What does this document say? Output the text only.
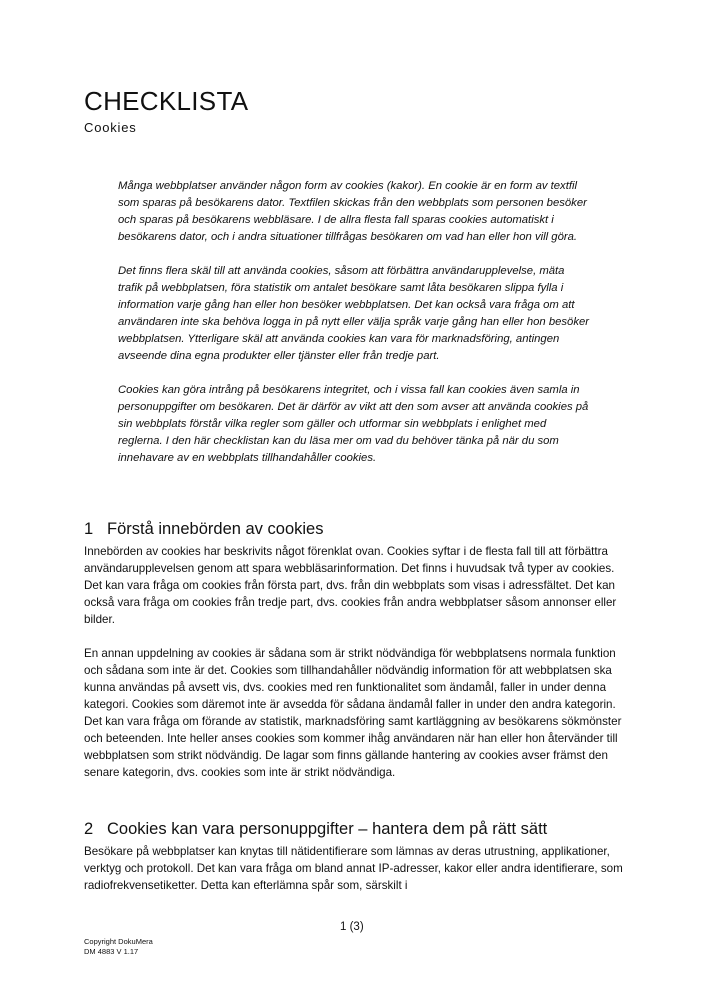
CHECKLISTA
Cookies

Många webbplatser använder någon form av cookies (kakor). En cookie är en form av textfil som sparas på besökarens dator. Textfilen skickas från den webbplats som personen besöker och sparas på besökarens webbläsare. I de allra flesta fall sparas cookies automatiskt i besökarens dator, och i andra situationer tillfrågas besökaren om vad han eller hon vill göra.

Det finns flera skäl till att använda cookies, såsom att förbättra användarupplevelse, mäta trafik på webbplatsen, föra statistik om antalet besökare samt låta besökaren slippa fylla i information varje gång han eller hon besöker webbplatsen. Det kan också vara fråga om att användaren inte ska behöva logga in på nytt eller välja språk varje gång han eller hon besöker webbplatsen. Ytterligare skäl att använda cookies kan vara för marknadsföring, antingen avseende dina egna produkter eller tjänster eller från tredje part.

Cookies kan göra intrång på besökarens integritet, och i vissa fall kan cookies även samla in personuppgifter om besökaren. Det är därför av vikt att den som avser att använda cookies på sin webbplats förstår vilka regler som gäller och utformar sin webbplats i enlighet med reglerna. I den här checklistan kan du läsa mer om vad du behöver tänka på när du som innehavare av en webbplats tillhandahåller cookies.

1 Förstå innebörden av cookies

Innebörden av cookies har beskrivits något förenklat ovan. Cookies syftar i de flesta fall till att förbättra användarupplevelsen genom att spara webbläsarinformation. Det finns i huvudsak två typer av cookies. Det kan vara fråga om cookies från första part, dvs. från din webbplats som visas i adressfältet. Det kan också vara fråga om cookies från tredje part, dvs. cookies från andra webbplatser såsom annonser eller bilder.

En annan uppdelning av cookies är sådana som är strikt nödvändiga för webbplatsens normala funktion och sådana som inte är det. Cookies som tillhandahåller nödvändig information för att webbplatsen ska kunna användas på avsett vis, dvs. cookies med ren funktionalitet som ändamål, faller in under denna kategori. Cookies som däremot inte är avsedda för sådana ändamål faller in under den andra kategorin. Det kan vara fråga om förande av statistik, marknadsföring samt kartläggning av besökarens sökmönster och beteenden. Inte heller anses cookies som kommer ihåg användaren när han eller hon återvänder till webbplatsen som strikt nödvändig. De lagar som finns gällande hantering av cookies avser främst den senare kategorin, dvs. cookies som inte är strikt nödvändiga.

2 Cookies kan vara personuppgifter – hantera dem på rätt sätt

Besökare på webbplatser kan knytas till nätidentifierare som lämnas av deras utrustning, applikationer, verktyg och protokoll. Det kan vara fråga om bland annat IP-adresser, kakor eller andra identifierare, som radiofrekvensetiketter. Detta kan efterlämna spår som, särskilt i

1 (3)
Copyright DokuMera
DM 4883 V 1.17
